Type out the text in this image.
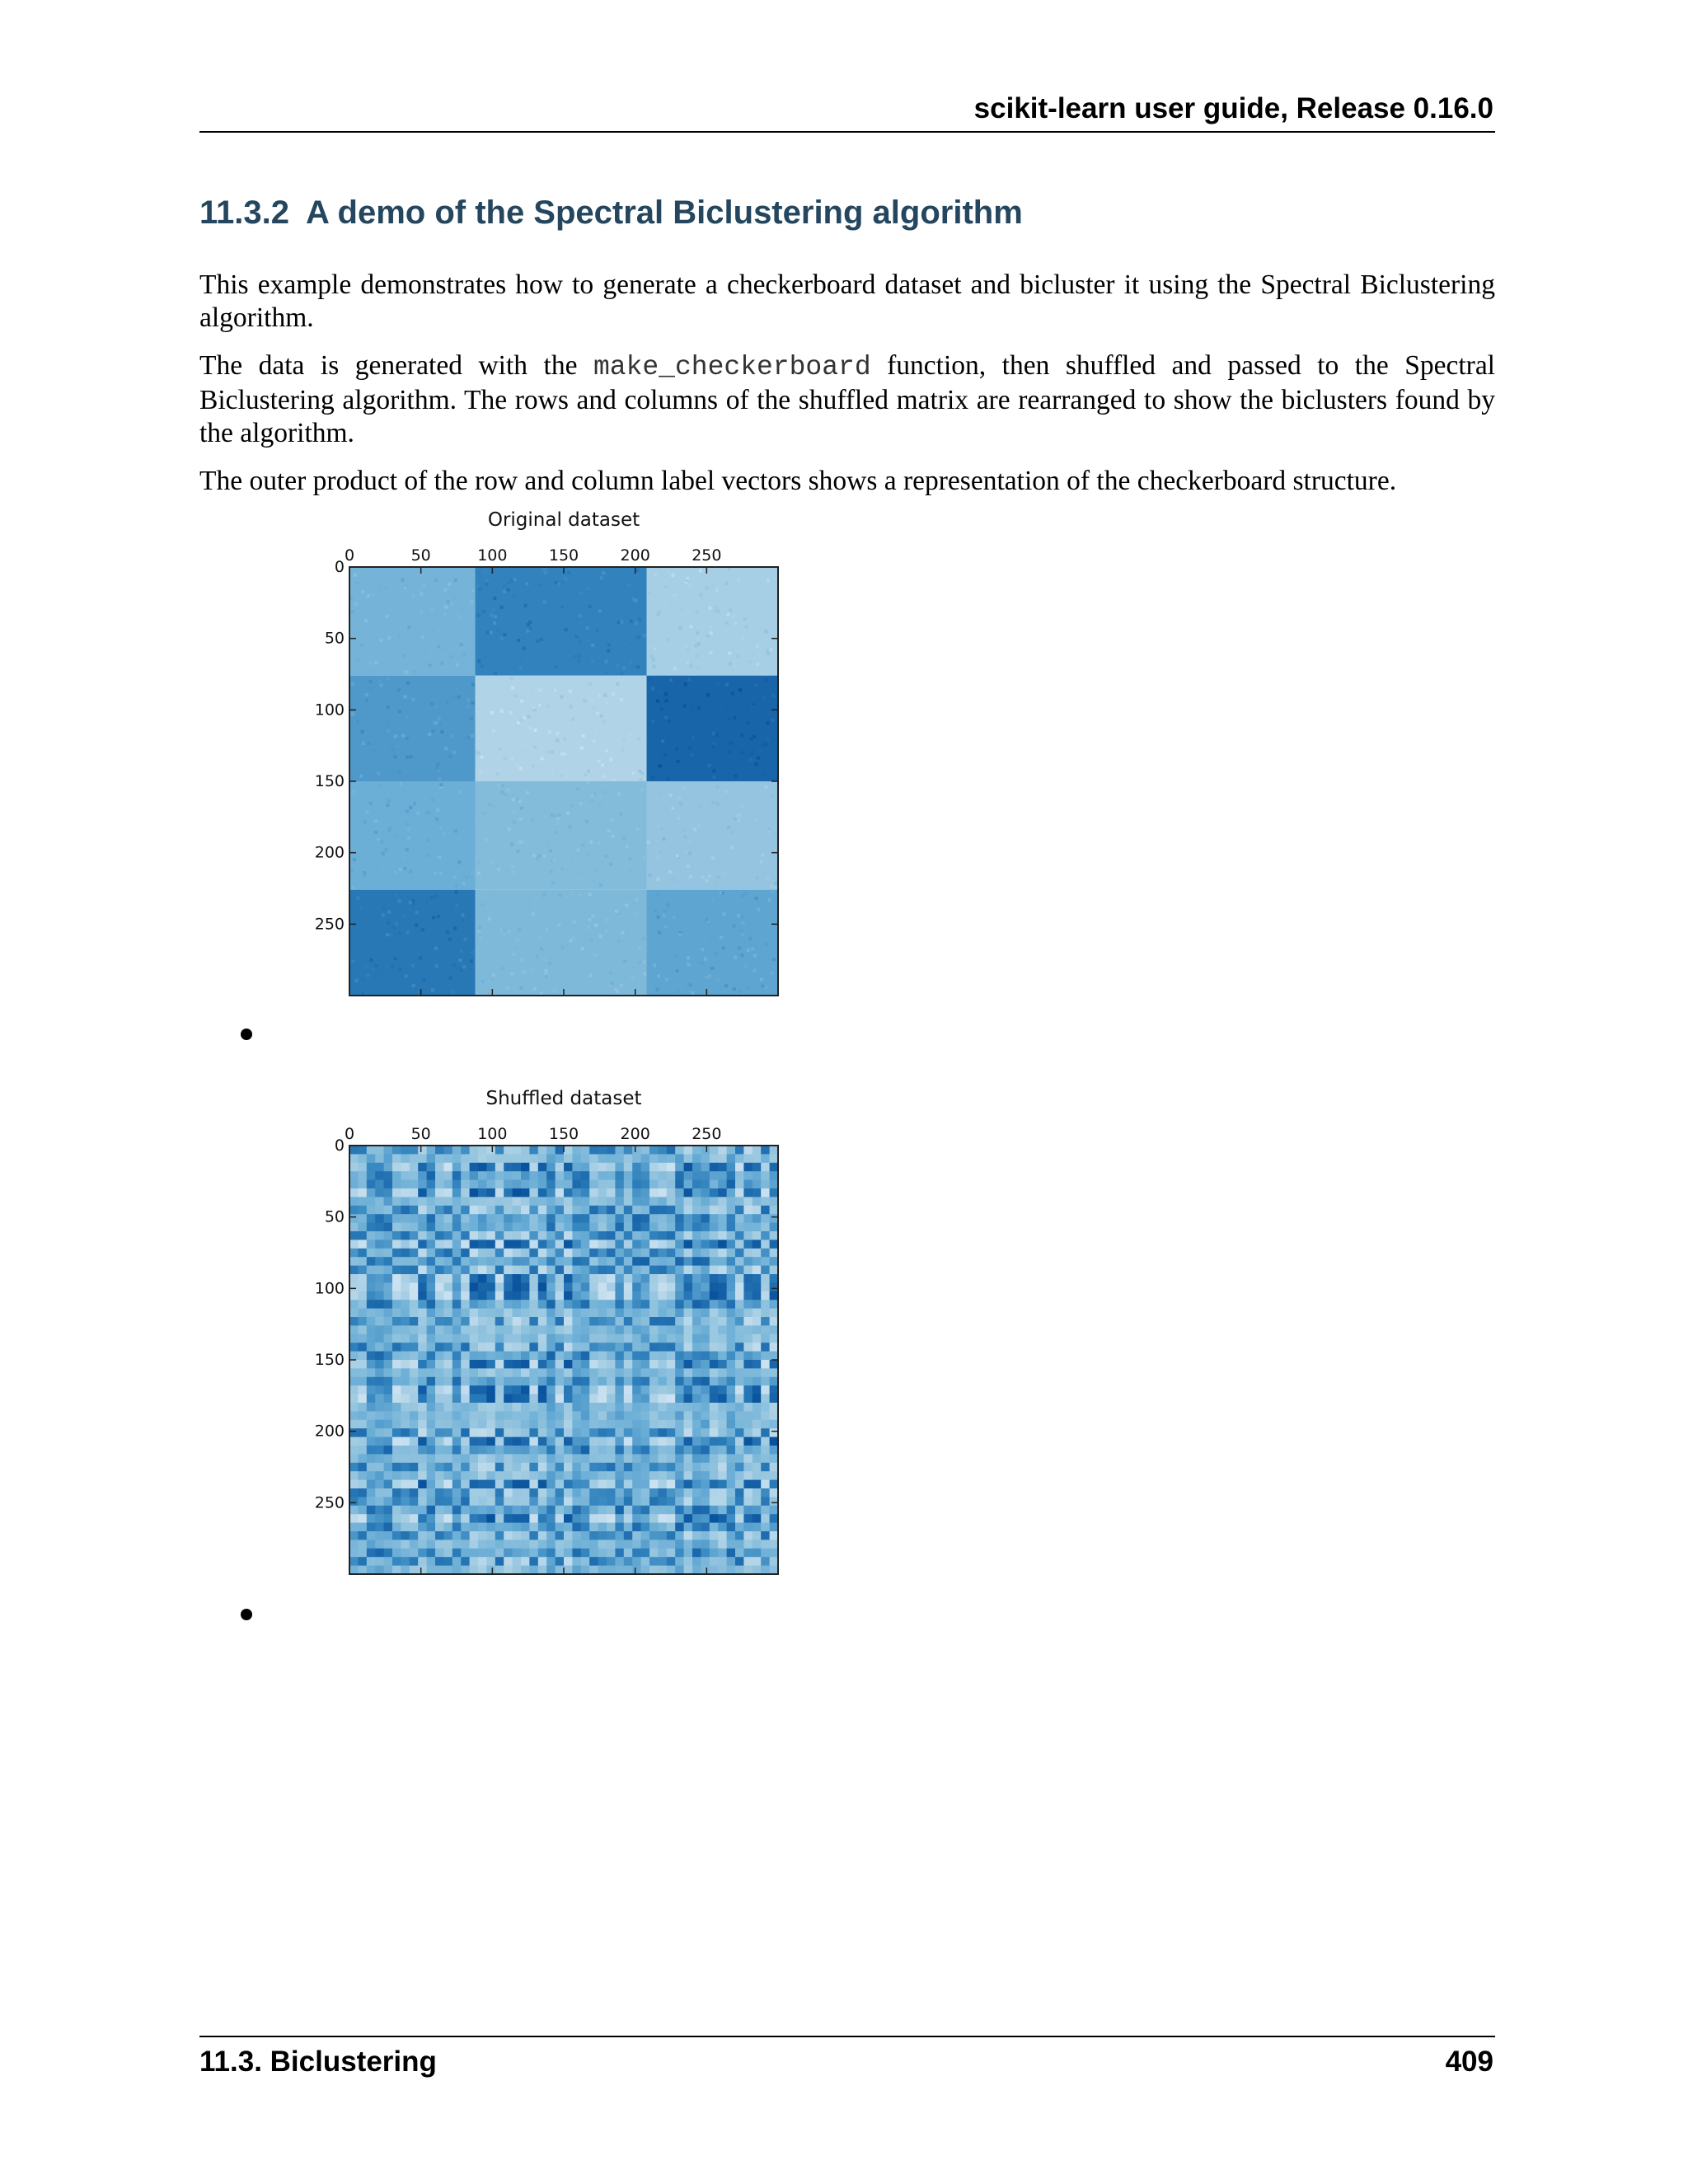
scikit-learn user guide, Release 0.16.0
11.3.2 A demo of the Spectral Biclustering algorithm

This example demonstrates how to generate a checkerboard dataset and bicluster it using the Spectral Biclustering algorithm.

The data is generated with the make_checkerboard function, then shuffled and passed to the Spectral Biclustering algorithm. The rows and columns of the shuffled matrix are rearranged to show the biclusters found by the algorithm.

The outer product of the row and column label vectors shows a representation of the checkerboard structure.

Original dataset
0	50	100	150	200	250
0
50
100
150
200
250
Shuffled dataset
0	50	100	150	200	250
0
50
100
150
200
250
11.3. Biclustering	409
